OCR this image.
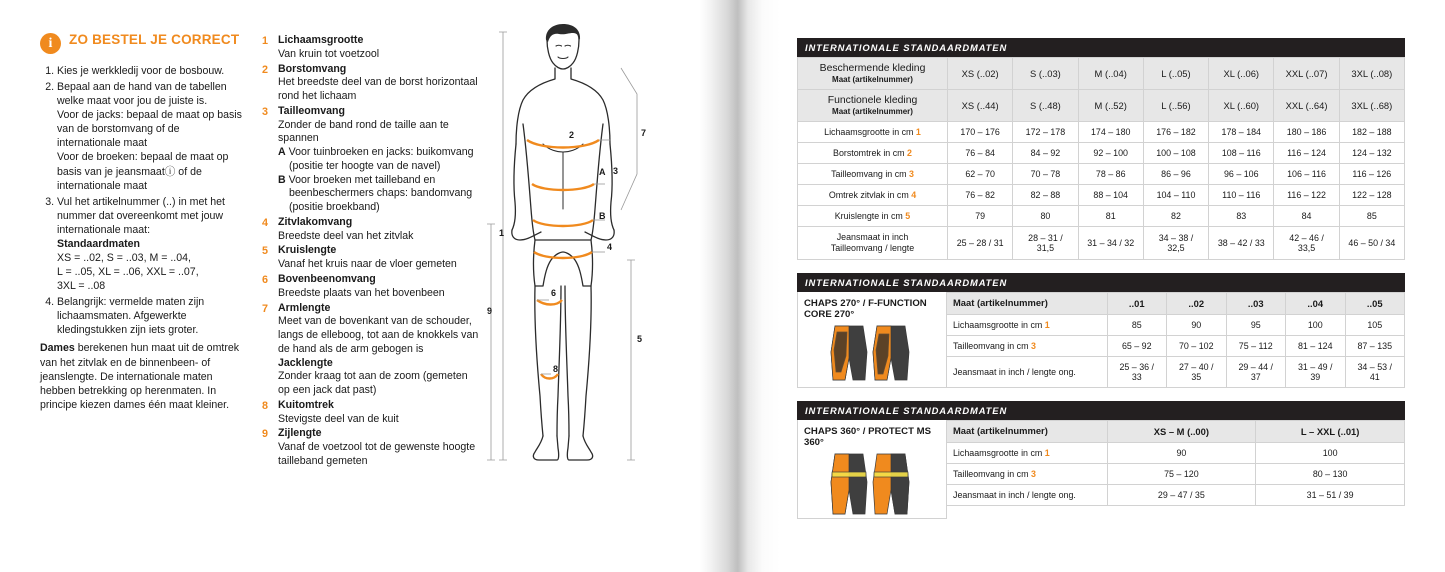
i	ZO BESTEL JE CORRECT
1. Kies je werkkledij voor de bosbouw.
2. Bepaal aan de hand van de tabellen welke maat voor jou de juiste is.
Voor de jacks: bepaal de maat op basis van de borstomvang of de internationale maat
Voor de broeken: bepaal de maat op basis van je jeansmaatⓘ of de internationale maat
3. Vul het artikelnummer (..) in met het nummer dat overeenkomt met jouw internationale maat:
Standaardmaten
XS = ..02, S = ..03, M = ..04,
L = ..05, XL = ..06, XXL = ..07,
3XL = ..08
4. Belangrijk: vermelde maten zijn lichaamsmaten. Afgewerkte kledingstukken zijn iets groter.
Dames berekenen hun maat uit de omtrek van het zitvlak en de binnenbeen- of jeanslengte. De internationale maten hebben betrekking op herenmaten. In principe kiezen dames één maat kleiner.
1 Lichaamsgrootte
Van kruin tot voetzool
2 Borstomvang
Het breedste deel van de borst horizontaal rond het lichaam
3 Tailleomvang
Zonder de band rond de taille aan te spannen
A Voor tuinbroeken en jacks: buikomvang (positie ter hoogte van de navel)
B Voor broeken met tailleband en beenbeschermers chaps: bandomvang (positie broekband)
4 Zitvlakomvang
Breedste deel van het zitvlak
5 Kruislengte
Vanaf het kruis naar de vloer gemeten
6 Bovenbeenomvang
Breedste plaats van het bovenbeen
7 Armlengte
Meet van de bovenkant van de schouder, langs de elleboog, tot aan de knokkels van de hand als de arm gebogen is
Jacklengte
Zonder kraag tot aan de zoom (gemeten op een jack dat past)
8 Kuitomtrek
Stevigste deel van de kuit
9 Zijlengte
Vanaf de voetzool tot de gewenste hoogte tailleband gemeten
1
2
3
A
B
4
5
6
7
8
9
INTERNATIONALE STANDAARDMATEN
Beschermende kleding
Maat (artikelnummer)	XS (..02)	S (..03)	M (..04)	L (..05)	XL (..06)	XXL (..07)	3XL (..08)
Functionele kleding
Maat (artikelnummer)	XS (..44)	S (..48)	M (..52)	L (..56)	XL (..60)	XXL (..64)	3XL (..68)
Lichaamsgrootte in cm 1	170 – 176	172 – 178	174 – 180	176 – 182	178 – 184	180 – 186	182 – 188
Borstomtrek in cm 2	76 – 84	84 – 92	92 – 100	100 – 108	108 – 116	116 – 124	124 – 132
Tailleomvang in cm 3	62 – 70	70 – 78	78 – 86	86 – 96	96 – 106	106 – 116	116 – 126
Omtrek zitvlak in cm 4	76 – 82	82 – 88	88 – 104	104 – 110	110 – 116	116 – 122	122 – 128
Kruislengte in cm 5	79	80	81	82	83	84	85

Jeansmaat in inch
Tailleomvang / lengte	25 – 28 / 31	28 – 31 / 31,5	31 – 34 / 32	34 – 38 / 32,5	38 – 42 / 33	42 – 46 / 33,5	46 – 50 / 34
INTERNATIONALE STANDAARDMATEN
CHAPS 270° / F-FUNCTION CORE 270°
Maat (artikelnummer)	..01	..02	..03	..04	..05
Lichaamsgrootte in cm 1	85	90	95	100	105
Tailleomvang in cm 3	65 – 92	70 – 102	75 – 112	81 – 124	87 – 135
Jeansmaat in inch / lengte ong.	25 – 36 / 33	27 – 40 / 35	29 – 44 / 37	31 – 49 / 39	34 – 53 / 41
INTERNATIONALE STANDAARDMATEN
CHAPS 360° / PROTECT MS 360°
Maat (artikelnummer)	XS – M (..00)	L – XXL (..01)
Lichaamsgrootte in cm 1	90	100
Tailleomvang in cm 3	75 – 120	80 – 130
Jeansmaat in inch / lengte ong.	29 – 47 / 35	31 – 51 / 39
